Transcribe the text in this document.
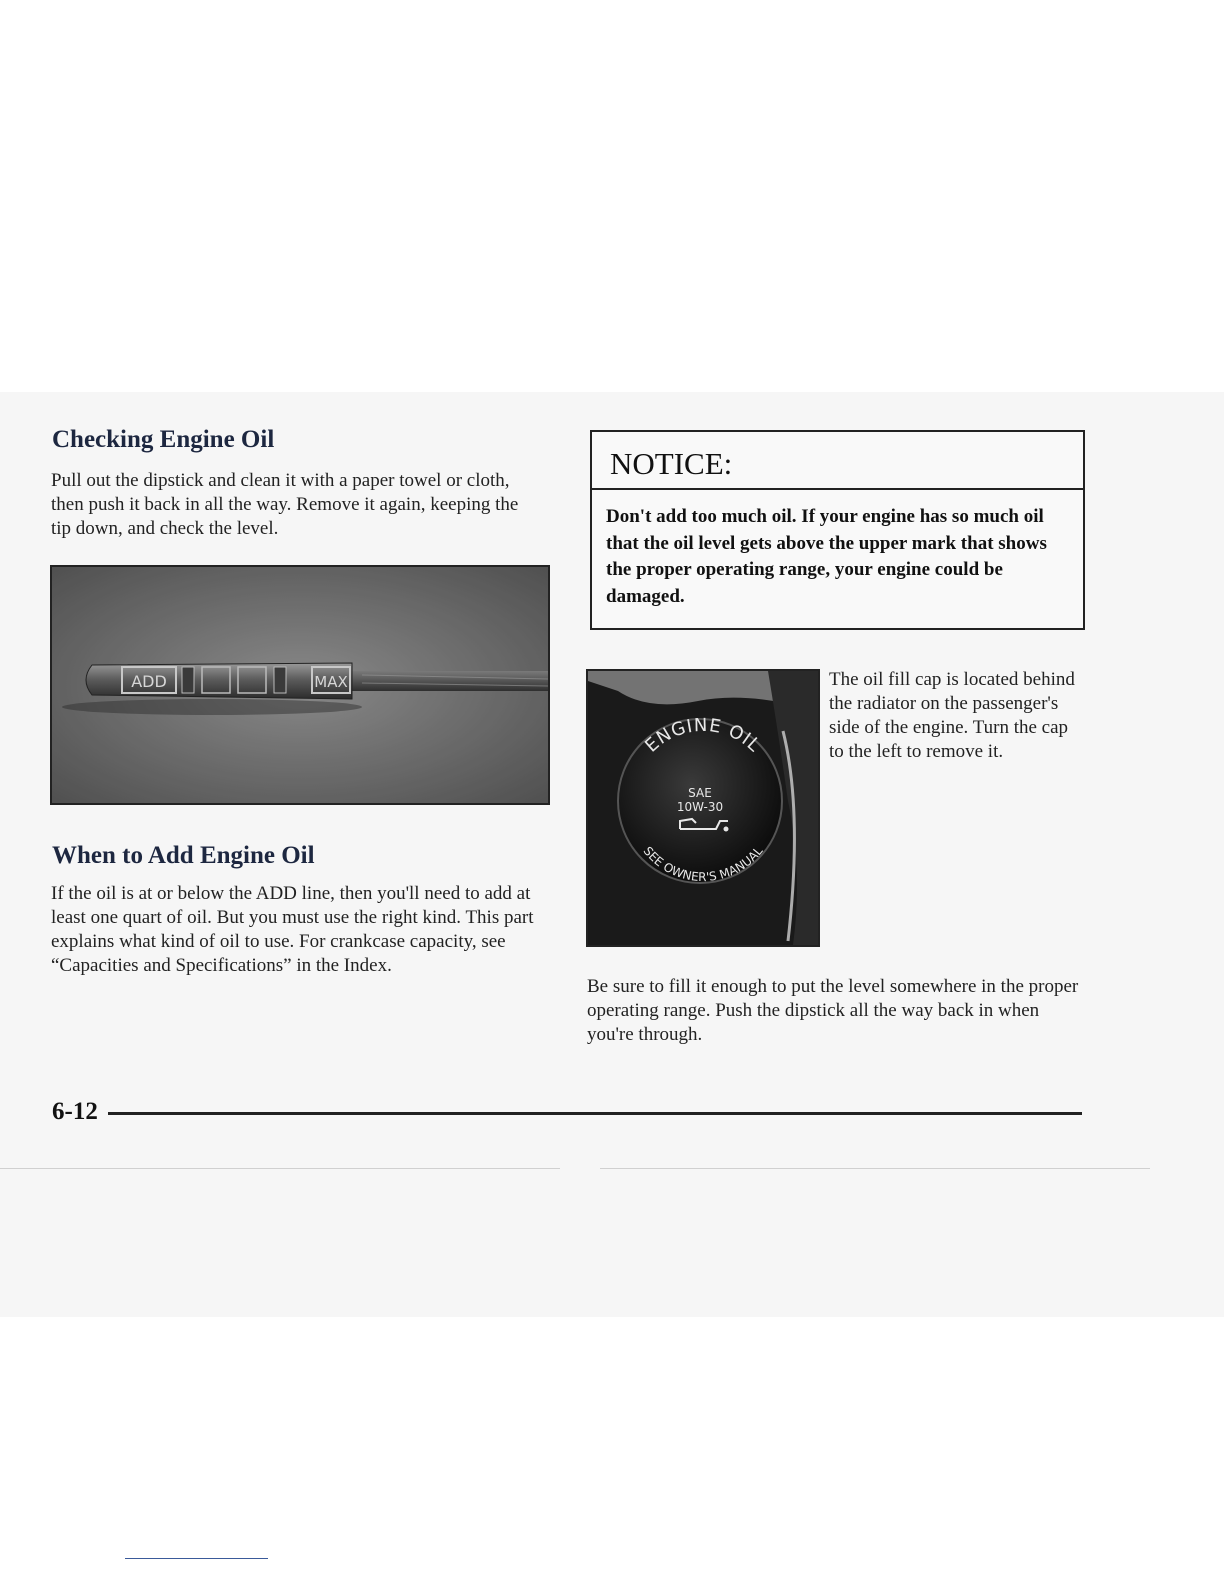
Checking Engine Oil

Pull out the dipstick and clean it with a paper towel or cloth, then push it back in all the way. Remove it again, keeping the tip down, and check the level.

ADD	MAX
When to Add Engine Oil

If the oil is at or below the ADD line, then you'll need to add at least one quart of oil. But you must use the right kind. This part explains what kind of oil to use. For crankcase capacity, see “Capacities and Specifications” in the Index.

NOTICE:
Don't add too much oil. If your engine has so much oil that the oil level gets above the upper mark that shows the proper operating range, your engine could be damaged.
ENGINE OIL
SEE OWNER'S MANUAL
SAE
10W-30

The oil fill cap is located behind the radiator on the passenger's side of the engine. Turn the cap to the left to remove it.

Be sure to fill it enough to put the level somewhere in the proper operating range. Push the dipstick all the way back in when you're through.

6-12
